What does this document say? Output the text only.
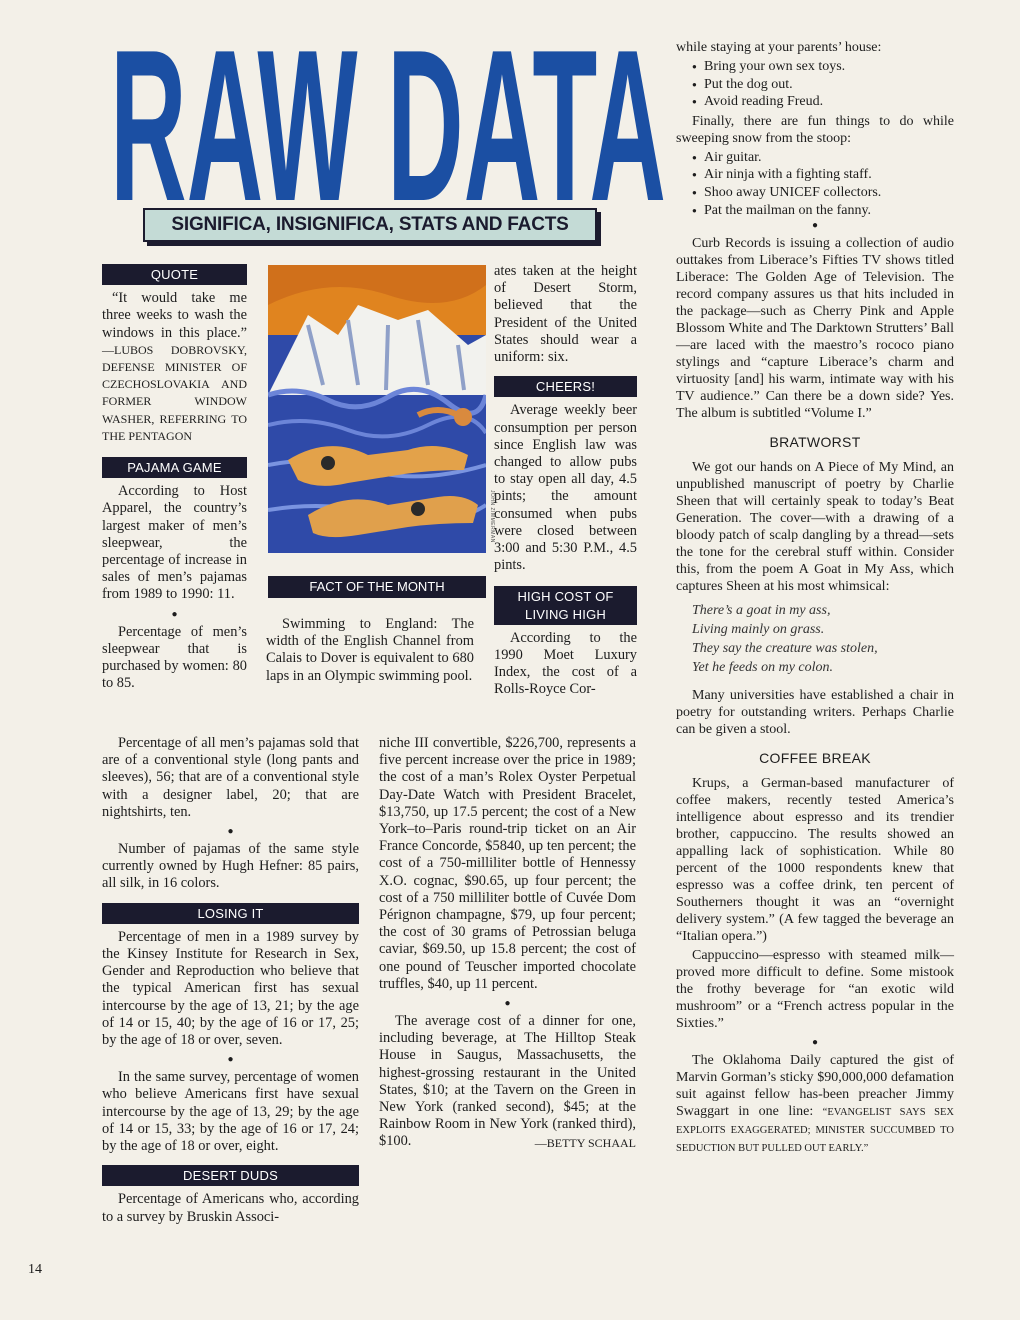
RAW DATA
SIGNIFICA, INSIGNIFICA, STATS AND FACTS
QUOTE

“It would take me three weeks to wash the windows in this place.” —LUBOS DOBROVSKY, DEFENSE MINISTER OF CZECHOSLOVAKIA AND FORMER WINDOW WASHER, REFERRING TO THE PENTAGON

PAJAMA GAME

According to Host Apparel, the country’s largest maker of men’s sleepwear, the percentage of increase in sales of men’s pajamas from 1989 to 1990: 11.

●

Percentage of men’s sleepwear that is purchased by women: 80 to 85.

JOHN ZIMMERMAN
FACT OF THE MONTH

Swimming to England: The width of the English Channel from Calais to Dover is equivalent to 680 laps in an Olympic swimming pool.

ates taken at the height of Desert Storm, believed that the President of the United States should wear a uniform: six.

CHEERS!

Average weekly beer consumption per person since English law was changed to allow pubs to stay open all day, 4.5 pints; the amount consumed when pubs were closed between 3:00 and 5:30 P.M., 4.5 pints.

HIGH COST OF LIVING HIGH

According to the 1990 Moet Luxury Index, the cost of a Rolls-Royce Cor-

Percentage of all men’s pajamas sold that are of a conventional style (long pants and sleeves), 56; that are of a conventional style with a designer label, 20; that are nightshirts, ten.

●

Number of pajamas of the same style currently owned by Hugh Hefner: 85 pairs, all silk, in 16 colors.

LOSING IT

Percentage of men in a 1989 survey by the Kinsey Institute for Research in Sex, Gender and Reproduction who believe that the typical American first has sexual intercourse by the age of 13, 21; by the age of 14 or 15, 40; by the age of 16 or 17, 25; by the age of 18 or over, seven.

●

In the same survey, percentage of women who believe Americans first have sexual intercourse by the age of 13, 29; by the age of 14 or 15, 33; by the age of 16 or 17, 24; by the age of 18 or over, eight.

DESERT DUDS

Percentage of Americans who, according to a survey by Bruskin Associ-

niche III convertible, $226,700, represents a five percent increase over the price in 1989; the cost of a man’s Rolex Oyster Perpetual Day-Date Watch with President Bracelet, $13,750, up 17.5 percent; the cost of a New York–to–Paris round-trip ticket on an Air France Concorde, $5840, up ten percent; the cost of a 750-milliliter bottle of Hennessy X.O. cognac, $90.65, up four percent; the cost of a 750 milliliter bottle of Cuvée Dom Pérignon champagne, $79, up four percent; the cost of 30 grams of Petrossian beluga caviar, $69.50, up 15.8 percent; the cost of one pound of Teuscher imported chocolate truffles, $40, up 11 percent.

●

The average cost of a dinner for one, including beverage, at The Hilltop Steak House in Saugus, Massachusetts, the highest-grossing restaurant in the United States, $10; at the Tavern on the Green in New York (ranked second), $45; at the Rainbow Room in New York (ranked third), $100.	—BETTY SCHAAL

while staying at your parents’ house:

● Bring your own sex toys.
● Put the dog out.
● Avoid reading Freud.

Finally, there are fun things to do while sweeping snow from the stoop:

● Air guitar.
● Air ninja with a fighting staff.
● Shoo away UNICEF collectors.
● Pat the mailman on the fanny.
●

Curb Records is issuing a collection of audio outtakes from Liberace’s Fifties TV shows titled Liberace: The Golden Age of Television. The record company assures us that hits included in the package—such as Cherry Pink and Apple Blossom White and The Darktown Strutters’ Ball—are laced with the maestro’s rococo piano stylings and “capture Liberace’s charm and virtuosity [and] his warm, intimate way with his TV audience.” Can there be a down side? Yes. The album is subtitled “Volume I.”

BRATWORST

We got our hands on A Piece of My Mind, an unpublished manuscript of poetry by Charlie Sheen that will certainly speak to today’s Beat Generation. The cover—with a drawing of a bloody patch of scalp dangling by a thread—sets the tone for the cerebral stuff within. Consider this, from the poem A Goat in My Ass, which captures Sheen at his most whimsical:

There’s a goat in my ass,
Living mainly on grass.
They say the creature was stolen,
Yet he feeds on my colon.

Many universities have established a chair in poetry for outstanding writers. Perhaps Charlie can be given a stool.

COFFEE BREAK

Krups, a German-based manufacturer of coffee makers, recently tested America’s intelligence about espresso and its trendier brother, cappuccino. The results showed an appalling lack of sophistication. While 80 percent of the 1000 respondents knew that espresso was a coffee drink, ten percent of Southerners thought it was an “overnight delivery system.” (A few tagged the beverage an “Italian opera.”)

Cappuccino—espresso with steamed milk—proved more difficult to define. Some mistook the frothy beverage for “an exotic wild mushroom” or a “French actress popular in the Sixties.”

●

The Oklahoma Daily captured the gist of Marvin Gorman’s sticky $90,000,000 defamation suit against fellow has-been preacher Jimmy Swaggart in one line: “EVANGELIST SAYS SEX EXPLOITS EXAGGERATED; MINISTER SUCCUMBED TO SEDUCTION BUT PULLED OUT EARLY.”

14
